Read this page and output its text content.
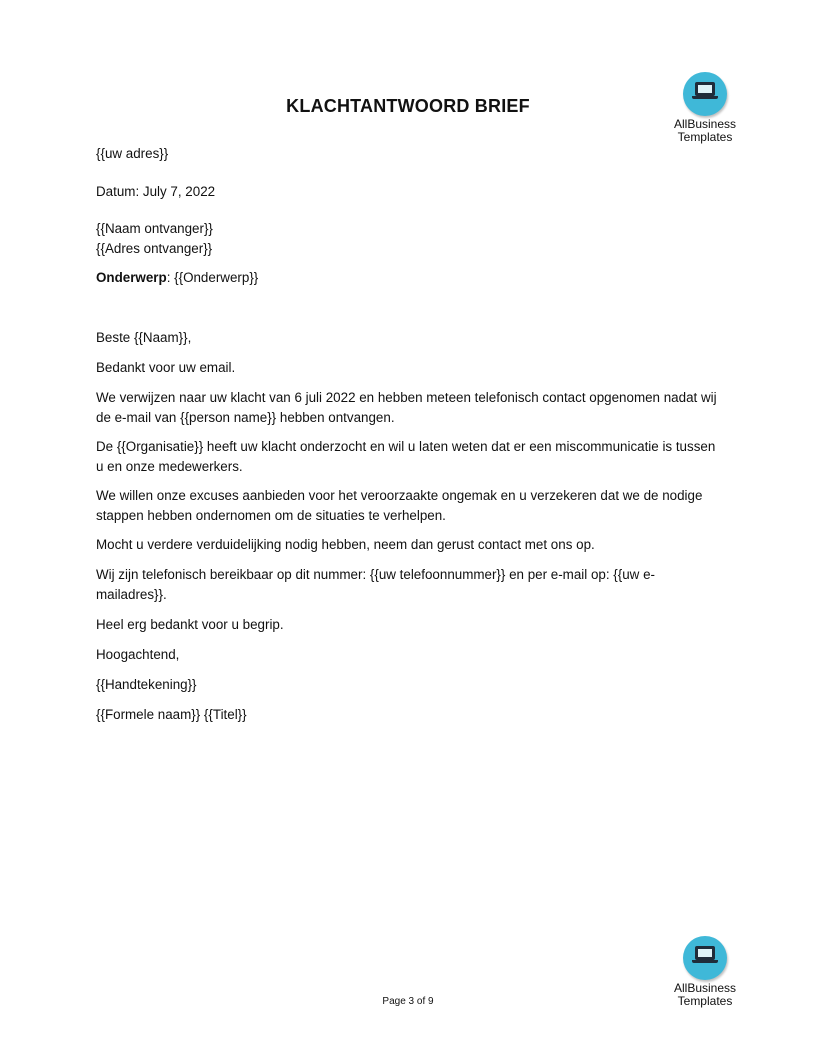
AllBusiness
Templates
KLACHTANTWOORD BRIEF

{{uw adres}}

Datum: July 7, 2022

{{Naam ontvanger}}

{{Adres ontvanger}}

Onderwerp: {{Onderwerp}}

Beste {{Naam}},

Bedankt voor uw email.

We verwijzen naar uw klacht van 6 juli 2022 en hebben meteen telefonisch contact opgenomen nadat wij de e-mail van {{person name}} hebben ontvangen.

De {{Organisatie}} heeft uw klacht onderzocht en wil u laten weten dat er een miscommunicatie is tussen u en onze medewerkers.

We willen onze excuses aanbieden voor het veroorzaakte ongemak en u verzekeren dat we de nodige stappen hebben ondernomen om de situaties te verhelpen.

Mocht u verdere verduidelijking nodig hebben, neem dan gerust contact met ons op.

Wij zijn telefonisch bereikbaar op dit nummer: {{uw telefoonnummer}} en per e-mail op: {{uw e-mailadres}}.

Heel erg bedankt voor u begrip.

Hoogachtend,

{{Handtekening}}

{{Formele naam}} {{Titel}}

AllBusiness
Templates
Page 3 of 9
